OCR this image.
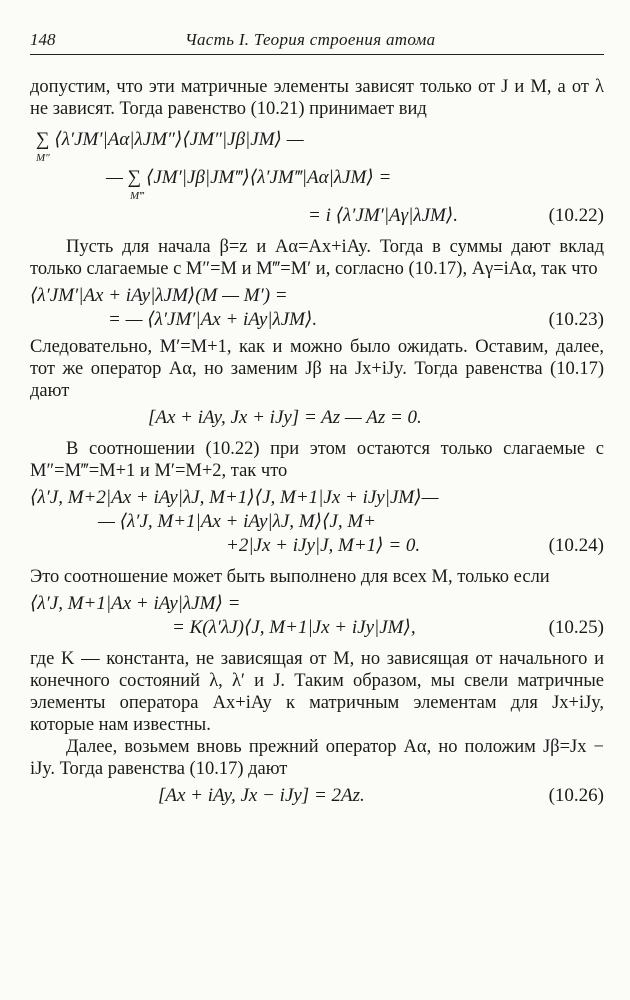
148	Часть I. Теория строения атома

допустим, что эти матричные элементы зависят только от J и M, а от λ не зависят. Тогда равенство (10.21) принимает вид

∑ ⟨λ′JM′|Aα|λJM″⟩⟨JM″|Jβ|JM⟩ —
M″
— ∑ ⟨JM′|Jβ|JM‴⟩⟨λ′JM‴|Aα|λJM⟩ =
M‴
= i ⟨λ′JM′|Aγ|λJM⟩.	(10.22)

Пусть для начала β=z и Aα=Ax+iAy. Тогда в суммы дают вклад только слагаемые с M″=M и M‴=M′ и, согласно (10.17), Aγ=iAα, так что

⟨λ′JM′|Ax + iAy|λJM⟩(M — M′) =
= — ⟨λ′JM′|Ax + iAy|λJM⟩.	(10.23)

Следовательно, M′=M+1, как и можно было ожидать. Оставим, далее, тот же оператор Aα, но заменим Jβ на Jx+iJy. Тогда равенства (10.17) дают

[Ax + iAy, Jx + iJy] = Az — Az = 0.

В соотношении (10.22) при этом остаются только слагаемые с M″=M‴=M+1 и M′=M+2, так что

⟨λ′J, M+2|Ax + iAy|λJ, M+1⟩⟨J, M+1|Jx + iJy|JM⟩—
— ⟨λ′J, M+1|Ax + iAy|λJ, M⟩⟨J, M+
+2|Jx + iJy|J, M+1⟩ = 0.	(10.24)

Это соотношение может быть выполнено для всех M, только если

⟨λ′J, M+1|Ax + iAy|λJM⟩ =
= K(λ′λJ)⟨J, M+1|Jx + iJy|JM⟩,	(10.25)

где K — константа, не зависящая от M, но зависящая от начального и конечного состояний λ, λ′ и J. Таким образом, мы свели матричные элементы оператора Ax+iAy к матричным элементам для Jx+iJy, которые нам известны.

Далее, возьмем вновь прежний оператор Aα, но положим Jβ=Jx − iJy. Тогда равенства (10.17) дают

[Ax + iAy, Jx − iJy] = 2Az.	(10.26)
